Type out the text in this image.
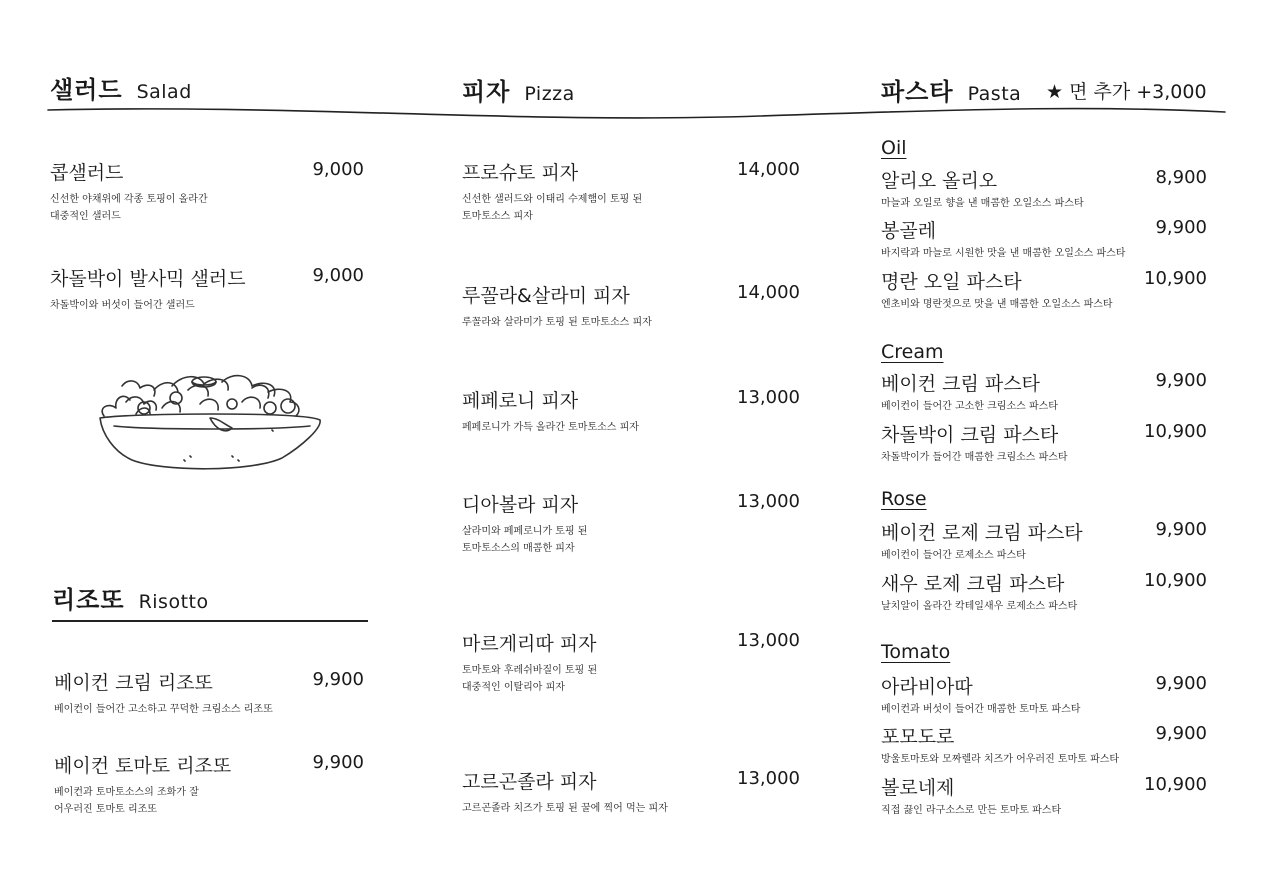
샐러드 Salad	피자 Pizza	파스타 Pasta ★ 면 추가 +3,000
콥샐러드	9,000
신선한 야채위에 각종 토핑이 올라간
대중적인 샐러드
차돌박이 발사믹 샐러드	9,000
차돌박이와 버섯이 들어간 샐러드
리조또 Risotto
베이컨 크림 리조또	9,900
베이컨이 들어간 고소하고 꾸덕한 크림소스 리조또
베이컨 토마토 리조또	9,900
베이컨과 토마토소스의 조화가 잘
어우러진 토마토 리조또
프로슈토 피자	14,000
신선한 샐러드와 이태리 수제햄이 토핑 된
토마토소스 피자
루꼴라&살라미 피자	14,000
루꼴라와 살라미가 토핑 된 토마토소스 피자
페페로니 피자	13,000
페페로니가 가득 올라간 토마토소스 피자
디아볼라 피자	13,000
살라미와 페페로니가 토핑 된
토마토소스의 매콤한 피자
마르게리따 피자	13,000
토마토와 후레쉬바질이 토핑 된
대중적인 이탈리아 피자
고르곤졸라 피자	13,000
고르곤졸라 치즈가 토핑 된 꿀에 찍어 먹는 피자
Oil
알리오 올리오	8,900
마늘과 오일로 향을 낸 매콤한 오일소스 파스타
봉골레	9,900
바지락과 마늘로 시원한 맛을 낸 매콤한 오일소스 파스타
명란 오일 파스타	10,900
엔초비와 명란젓으로 맛을 낸 매콤한 오일소스 파스타
Cream
베이컨 크림 파스타	9,900
베이컨이 들어간 고소한 크림소스 파스타
차돌박이 크림 파스타	10,900
차돌박이가 들어간 매콤한 크림소스 파스타
Rose
베이컨 로제 크림 파스타	9,900
베이컨이 들어간 로제소스 파스타
새우 로제 크림 파스타	10,900
날치알이 올라간 칵테일새우 로제소스 파스타
Tomato
아라비아따	9,900
베이컨과 버섯이 들어간 매콤한 토마토 파스타
포모도로	9,900
방울토마토와 모짜렐라 치즈가 어우러진 토마토 파스타
볼로네제	10,900
직접 끓인 라구소스로 만든 토마토 파스타
